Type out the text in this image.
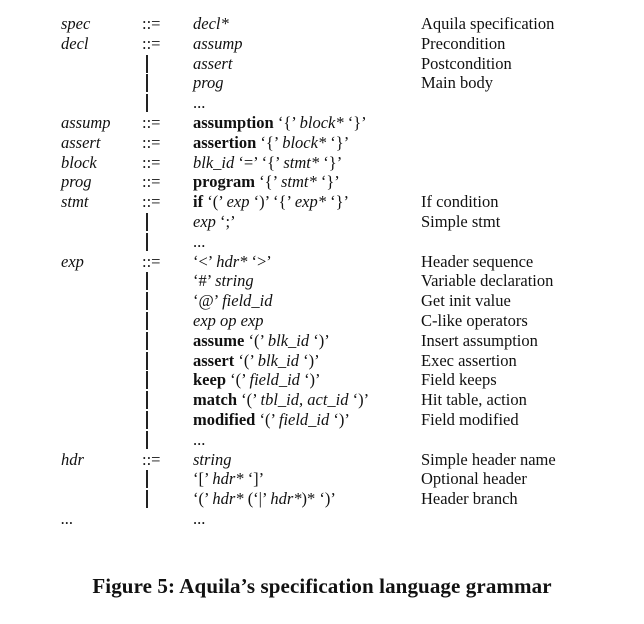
spec	::= decl*	Aquila specification
decl	::= assump	Precondition
assert	Postcondition
prog	Main body
...
assump ::= assumption ‘{’ block* ‘}’
assert	::= assertion ‘{’ block* ‘}’
block	::= blk_id ‘=’ ‘{’ stmt* ‘}’
prog	::= program ‘{’ stmt* ‘}’
stmt	::= if ‘(’ exp ‘)’ ‘{’ exp* ‘}’	If condition
exp ‘;’	Simple stmt
...
exp	::= ‘<’ hdr* ‘>’	Header sequence
‘#’ string	Variable declaration
‘@’ field_id	Get init value
exp op exp	C-like operators
assume ‘(’ blk_id ‘)’	Insert assumption
assert ‘(’ blk_id ‘)’	Exec assertion
keep ‘(’ field_id ‘)’	Field keeps
match ‘(’ tbl_id, act_id ‘)’	Hit table, action
modified ‘(’ field_id ‘)’	Field modified
...
hdr	::= string	Simple header name
‘[’ hdr* ‘]’	Optional header
‘(’ hdr* (‘|’ hdr*)* ‘)’	Header branch
...	...
Figure 5: Aquila’s specification language grammar
